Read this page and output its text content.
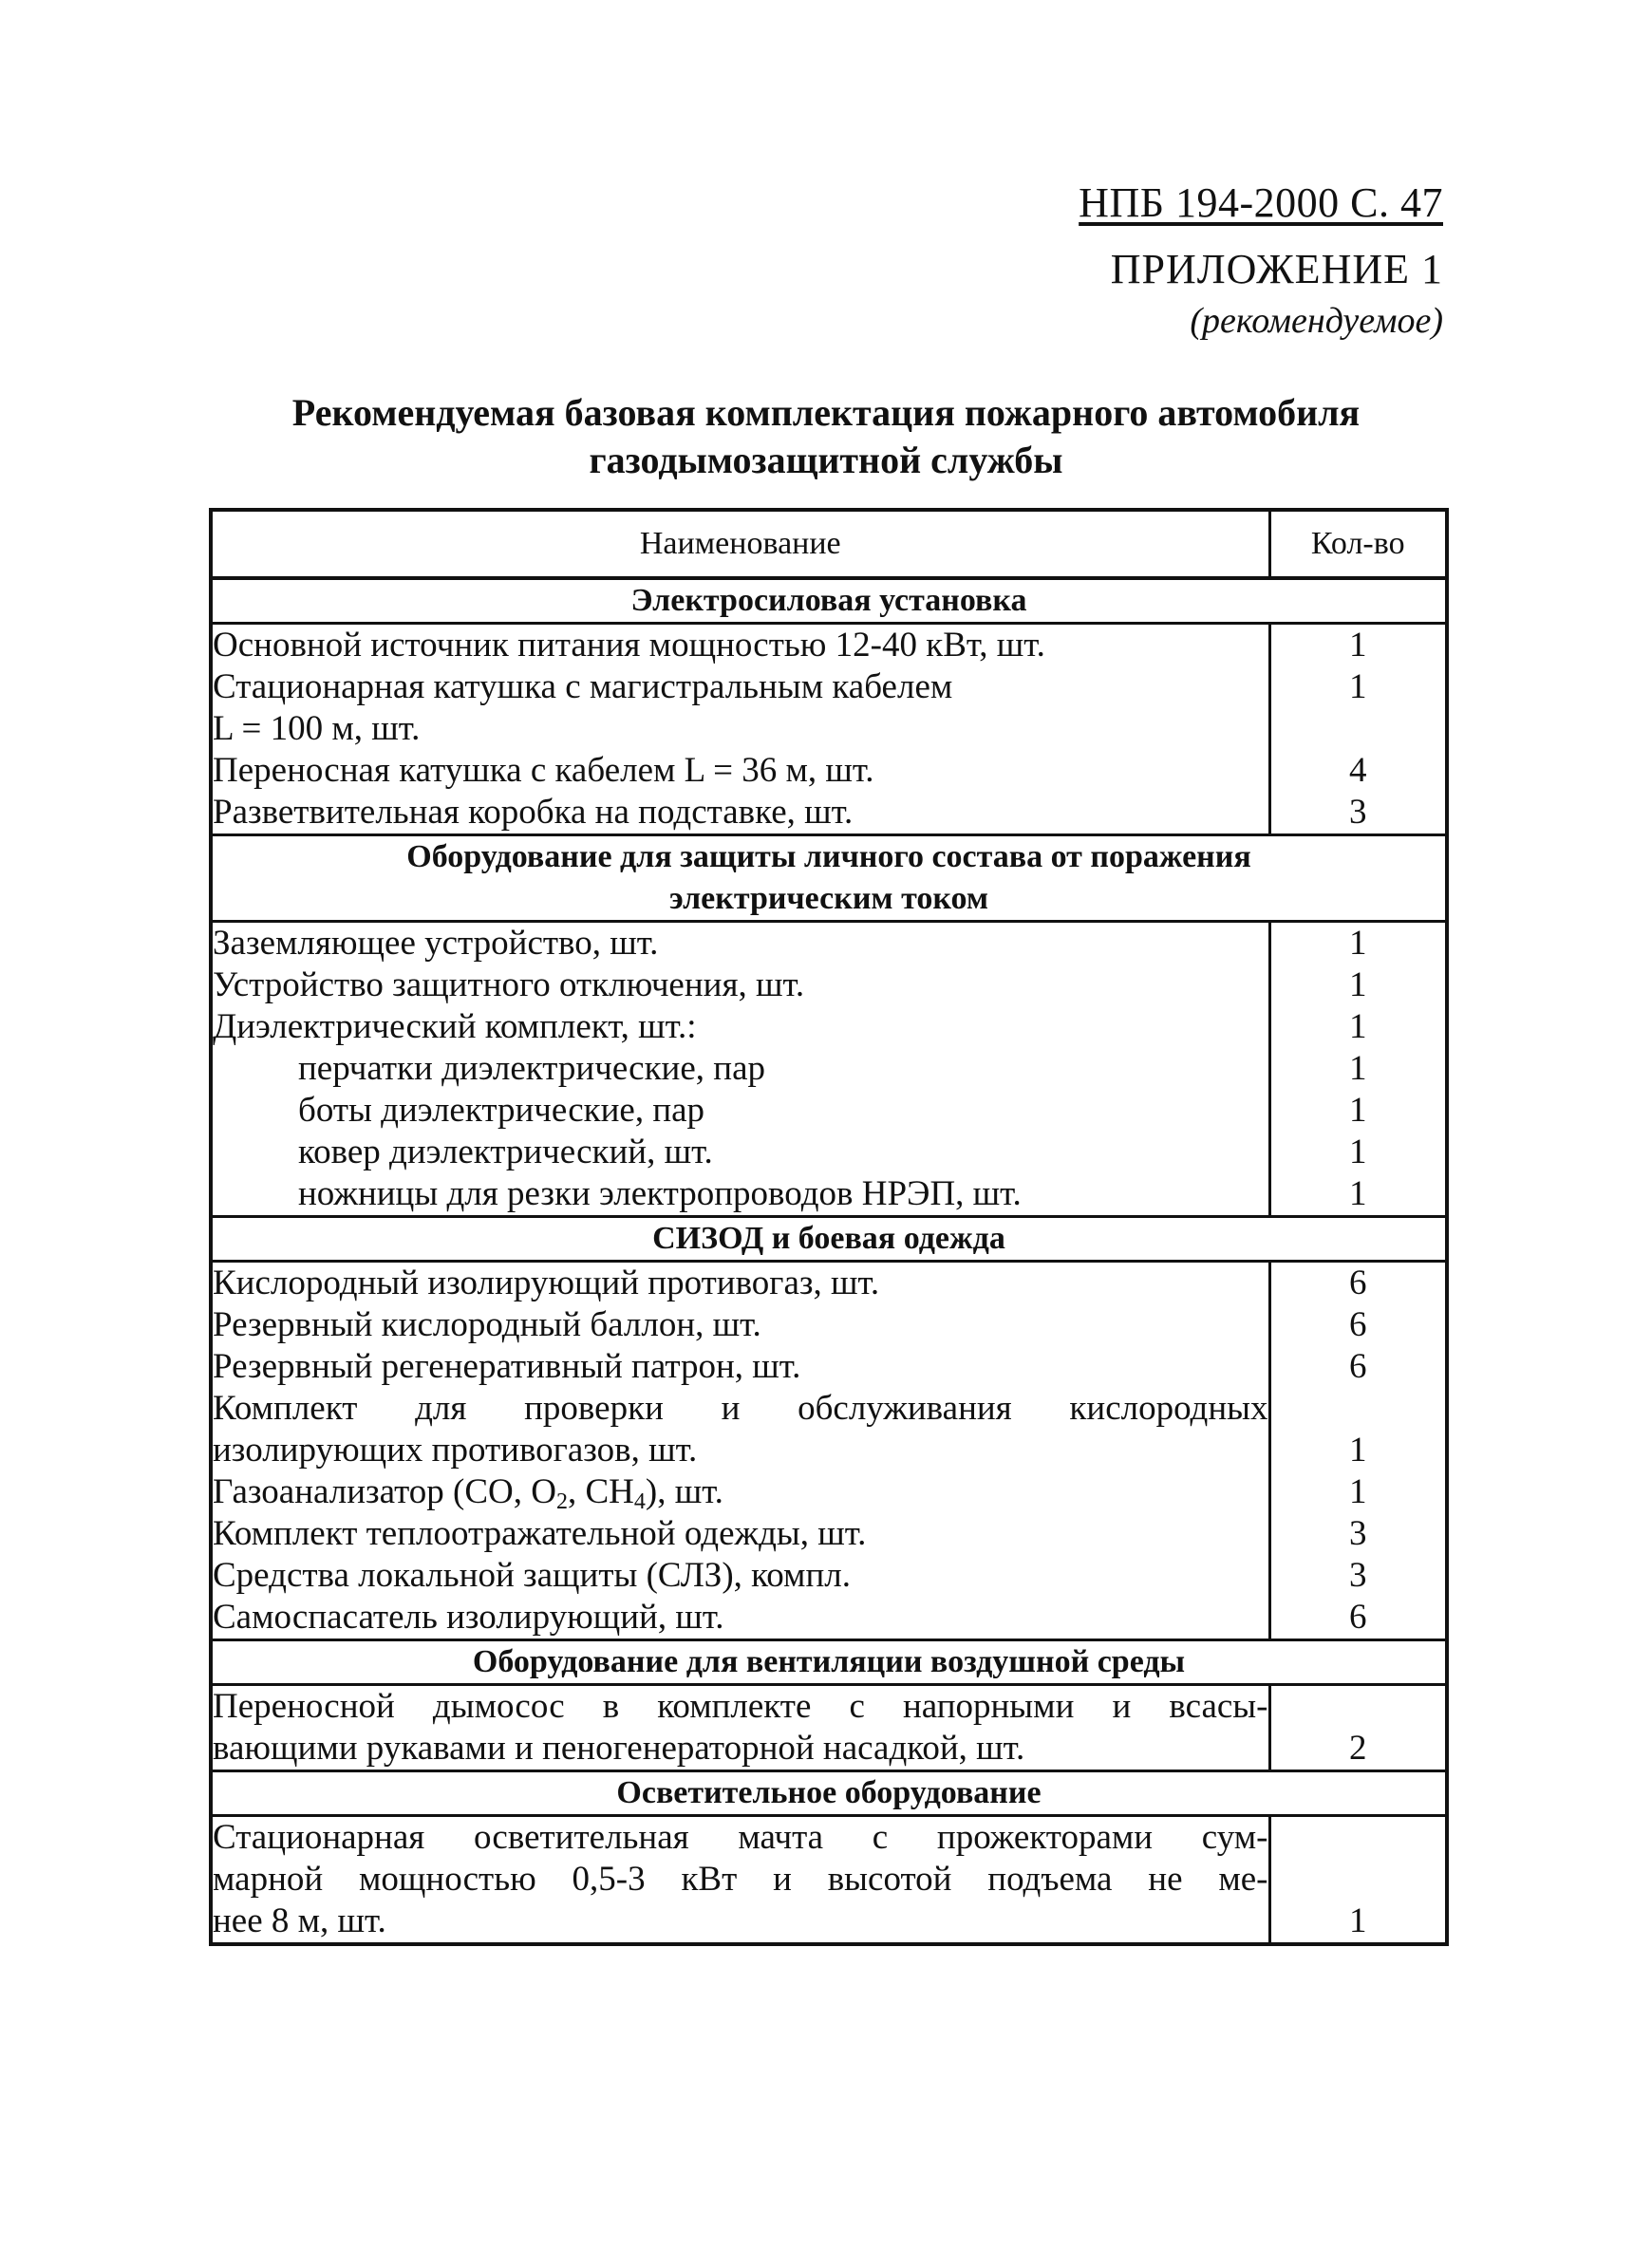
НПБ 194-2000 С. 47
ПРИЛОЖЕНИЕ 1
(рекомендуемое)
Рекомендуемая базовая комплектация пожарного автомобиля
газодымозащитной службы
Наименование	Кол-во
Электросиловая установка	
Основной источник питания мощностью 12-40 кВт, шт.	1

Стационарная катушка с магистральным кабелем
L = 100 м, шт.	1
Переносная катушка с кабелем L = 36 м, шт.	4
Разветвительная коробка на подставке, шт.	3
Оборудование для защиты личного состава от поражения электрическим током	
Заземляющее устройство, шт.	1
Устройство защитного отключения, шт.	1
Диэлектрический комплект, шт.:	1
перчатки диэлектрические, пар	1
боты диэлектрические, пар	1
ковер диэлектрический, шт.	1
ножницы для резки электропроводов НРЭП, шт.	1
СИЗОД и боевая одежда	
Кислородный изолирующий противогаз, шт.	6
Резервный кислородный баллон, шт.	6
Резервный регенеративный патрон, шт.	6

Комплект для проверки и обслуживания кислородных
изолирующих противогазов, шт.	1
Газоанализатор (CO, $O_2$, $CH_4$), шт.	1
Комплект теплоотражательной одежды, шт.	3
Средства локальной защиты (СЛЗ), компл.	3
Самоспасатель изолирующий, шт.	6
Оборудование для вентиляции воздушной среды	

Переносной дымосос в комплекте с напорными и всасы-
вающими рукавами и пеногенераторной насадкой, шт.	2
Осветительное оборудование	

Стационарная осветительная мачта с прожекторами сум-
марной мощностью 0,5-3 кВт и высотой подъема не ме-
нее 8 м, шт.	1
